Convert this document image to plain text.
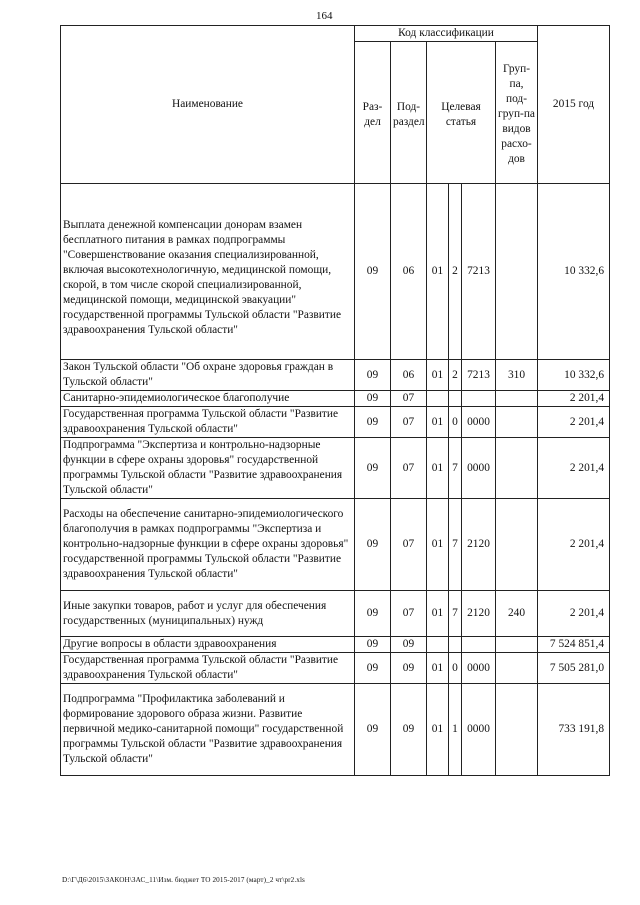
164
Наименование	Код классификации						2015 год
	Раз-дел	Под-раздел	Целевая статья			Груп-па, под-груп-па видов расхо-дов	
Выплата денежной компенсации донорам взамен бесплатного питания в рамках подпрограммы "Совершенствование оказания специализированной, включая высокотехнологичную, медицинской помощи, скорой, в том числе скорой специализированной, медицинской помощи, медицинской эвакуации" государственной программы Тульской области "Развитие здравоохранения Тульской области"	09	06	01	2	7213		10 332,6
Закон Тульской области "Об охране здоровья граждан в Тульской области"	09	06	01	2	7213	310	10 332,6
Санитарно-эпидемиологическое благополучие	09	07					2 201,4
Государственная программа Тульской области "Развитие здравоохранения Тульской области"	09	07	01	0	0000		2 201,4
Подпрограмма "Экспертиза и контрольно-надзорные функции в сфере охраны здоровья" государственной программы Тульской области "Развитие здравоохранения Тульской области"	09	07	01	7	0000		2 201,4
Расходы на обеспечение санитарно-эпидемиологического благополучия в рамках подпрограммы "Экспертиза и контрольно-надзорные функции в сфере охраны здоровья" государственной программы Тульской области "Развитие здравоохранения Тульской области"	09	07	01	7	2120		2 201,4
Иные закупки товаров, работ и услуг для обеспечения государственных (муниципальных) нужд	09	07	01	7	2120	240	2 201,4
Другие вопросы в области здравоохранения	09	09					7 524 851,4
Государственная программа Тульской области "Развитие здравоохранения Тульской области"	09	09	01	0	0000		7 505 281,0
Подпрограмма "Профилактика заболеваний и формирование здорового образа жизни. Развитие первичной медико-санитарной помощи" государственной программы Тульской области "Развитие здравоохранения Тульской области"	09	09	01	1	0000		733 191,8
D:\Г\Д6\2015\ЗАКОН\ЗАС_11\Изм. бюджет ТО 2015-2017 (март)_2 чт\pr2.xls
